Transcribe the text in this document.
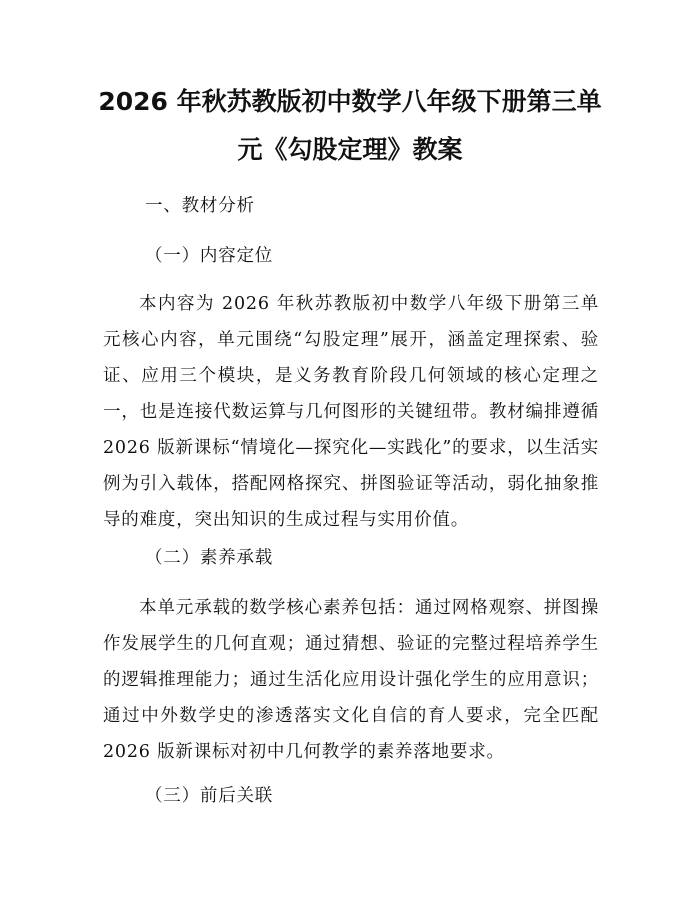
2026 年秋苏教版初中数学八年级下册第三单元《勾股定理》教案

一、教材分析

（一）内容定位

本内容为 2026 年秋苏教版初中数学八年级下册第三单元核心内容，单元围绕“勾股定理”展开，涵盖定理探索、验证、应用三个模块，是义务教育阶段几何领域的核心定理之一，也是连接代数运算与几何图形的关键纽带。教材编排遵循 2026 版新课标“情境化—探究化—实践化”的要求，以生活实例为引入载体，搭配网格探究、拼图验证等活动，弱化抽象推导的难度，突出知识的生成过程与实用价值。

（二）素养承载

本单元承载的数学核心素养包括：通过网格观察、拼图操作发展学生的几何直观；通过猜想、验证的完整过程培养学生的逻辑推理能力；通过生活化应用设计强化学生的应用意识；通过中外数学史的渗透落实文化自信的育人要求，完全匹配 2026 版新课标对初中几何教学的素养落地要求。

（三）前后关联
